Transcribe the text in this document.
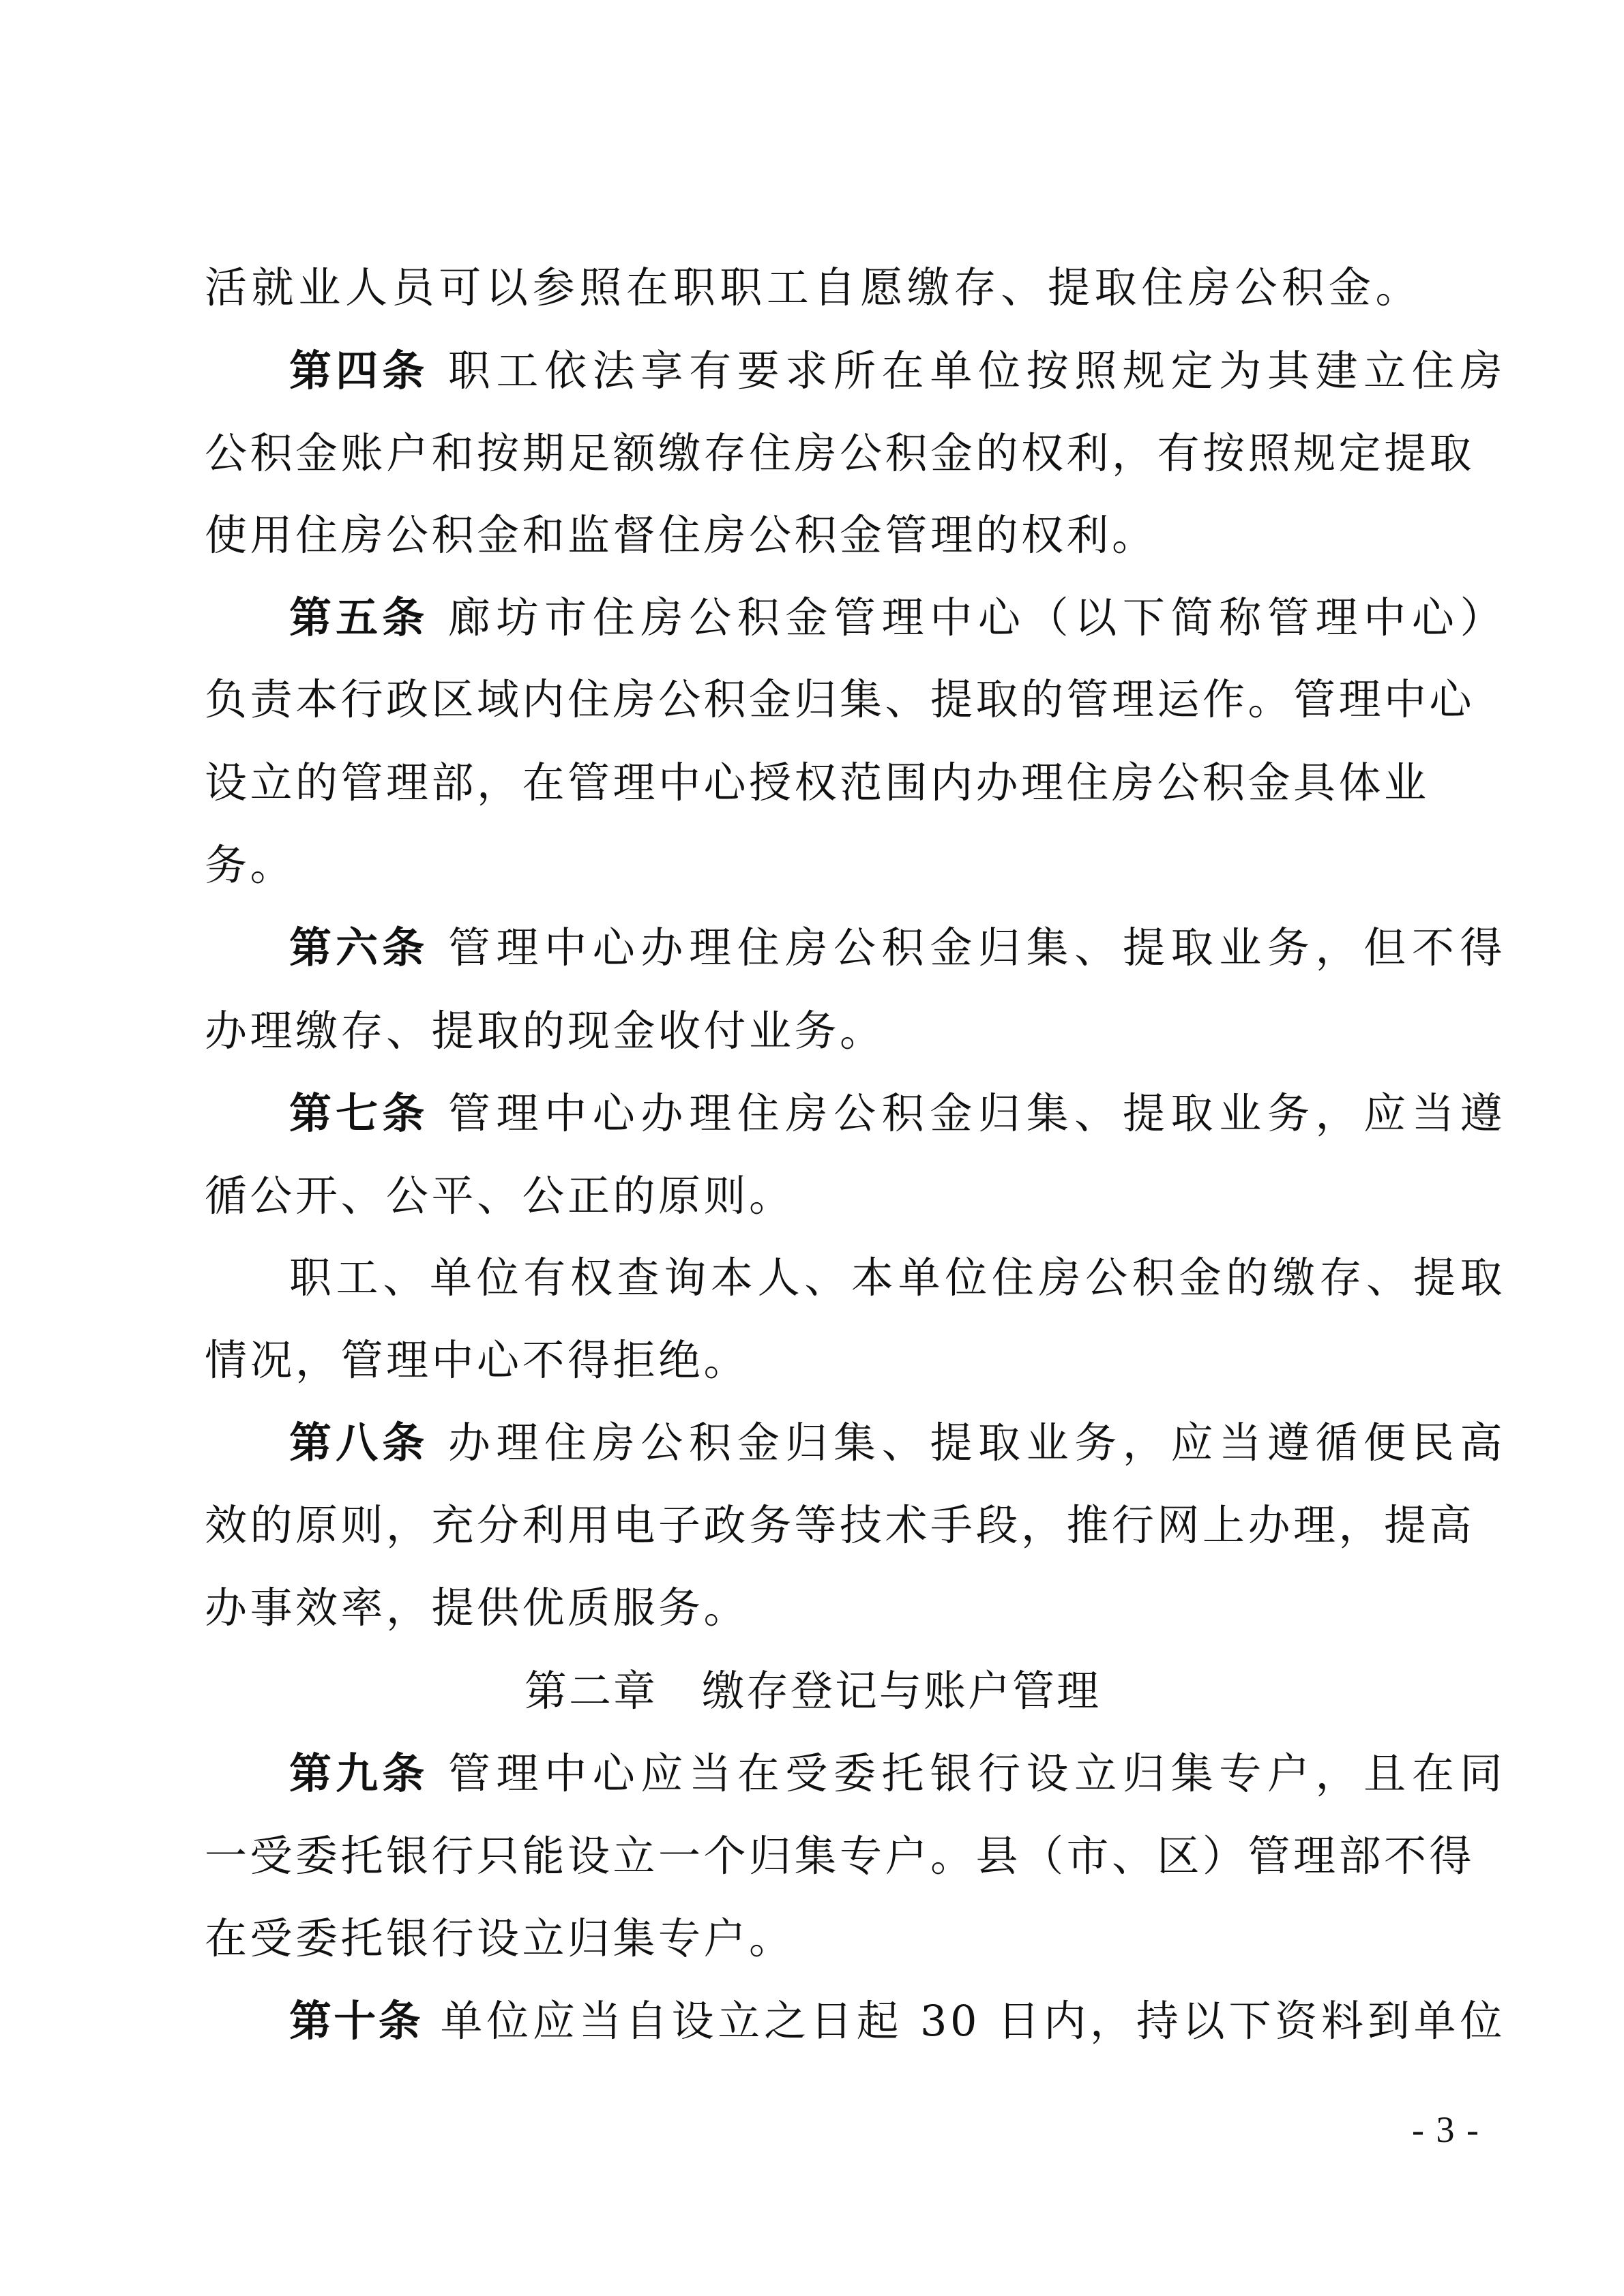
活就业人员可以参照在职职工自愿缴存、提取住房公积金。
第四条 职工依法享有要求所在单位按照规定为其建立住房
公积金账户和按期足额缴存住房公积金的权利，有按照规定提取
使用住房公积金和监督住房公积金管理的权利。
第五条 廊坊市住房公积金管理中心（以下简称管理中心）
负责本行政区域内住房公积金归集、提取的管理运作。管理中心
设立的管理部，在管理中心授权范围内办理住房公积金具体业
务。
第六条 管理中心办理住房公积金归集、提取业务，但不得
办理缴存、提取的现金收付业务。
第七条 管理中心办理住房公积金归集、提取业务，应当遵
循公开、公平、公正的原则。
职工、单位有权查询本人、本单位住房公积金的缴存、提取
情况，管理中心不得拒绝。
第八条 办理住房公积金归集、提取业务，应当遵循便民高
效的原则，充分利用电子政务等技术手段，推行网上办理，提高
办事效率，提供优质服务。
第二章　缴存登记与账户管理
第九条 管理中心应当在受委托银行设立归集专户，且在同
一受委托银行只能设立一个归集专户。县（市、区）管理部不得
在受委托银行设立归集专户。
第十条 单位应当自设立之日起 30 日内，持以下资料到单位
- 3 -
